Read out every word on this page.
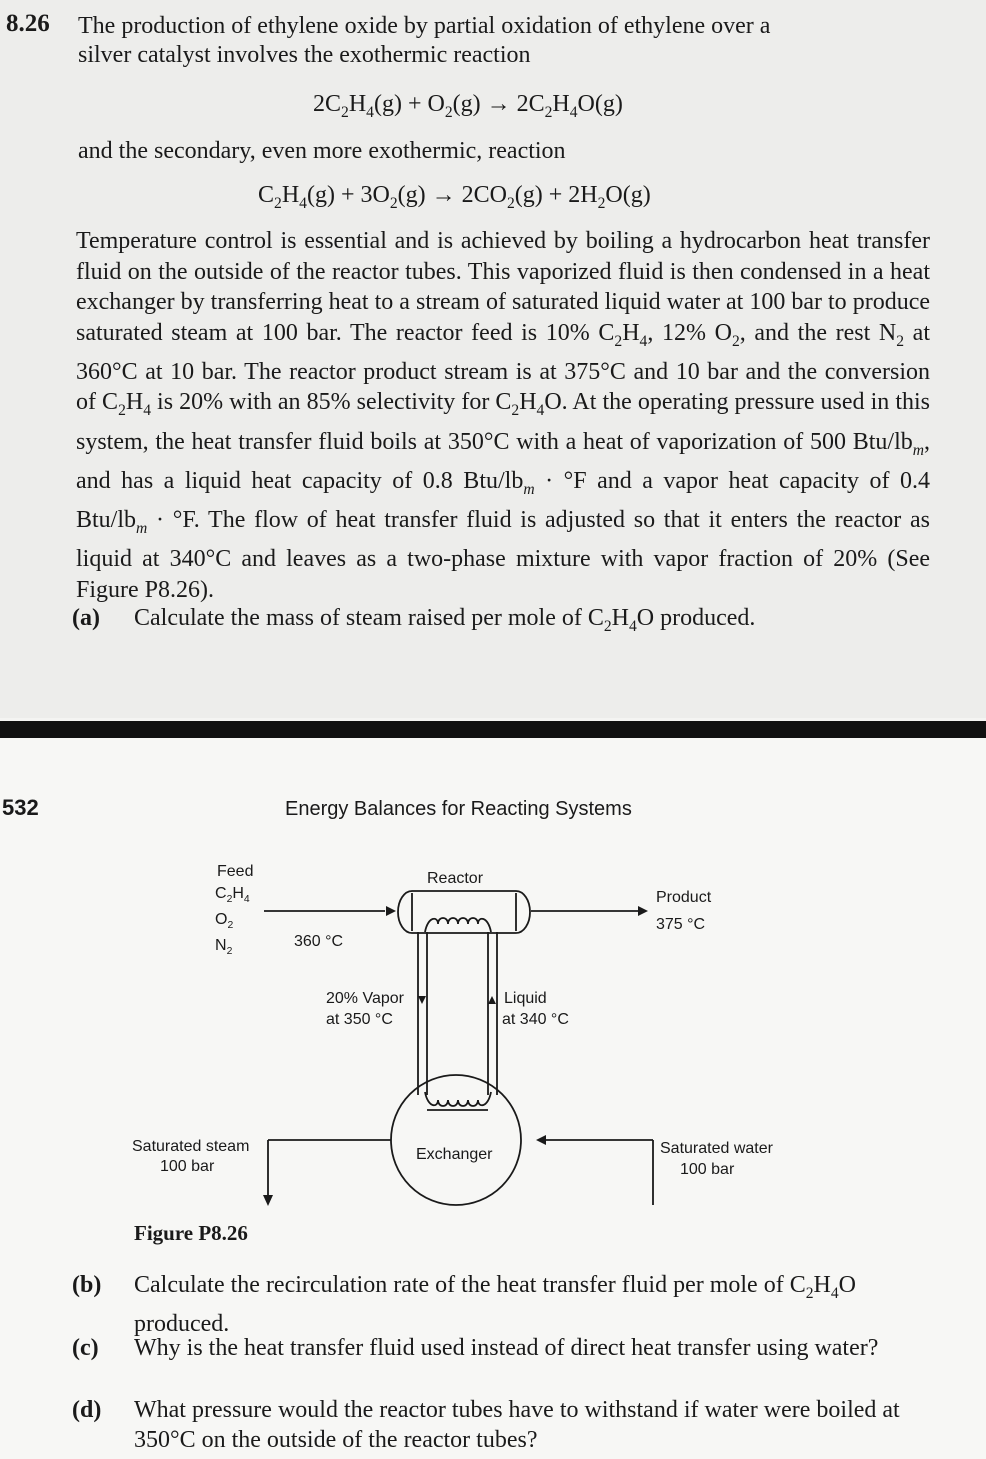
8.26 The production of ethylene oxide by partial oxidation of ethylene over a
silver catalyst involves the exothermic reaction
$2C_2H_4(g) + O_2(g) \to 2C_2H_4O(g)$
and the secondary, even more exothermic, reaction
$C_2H_4(g) + 3O_2(g) \to 2CO_2(g) + 2H_2O(g)$
Temperature control is essential and is achieved by boiling a hydrocarbon heat transfer fluid on the outside of the reactor tubes. This vaporized fluid is then condensed in a heat exchanger by transferring heat to a stream of saturated liquid water at 100 bar to produce saturated steam at 100 bar. The reactor feed is 10% $C_2H_4$, 12% $O_2$, and the rest $N_2$ at 360°C at 10 bar. The reactor product stream is at 375°C and 10 bar and the conversion of $C_2H_4$ is 20% with an 85% selectivity for $C_2H_4O$. At the operating pressure used in this system, the heat transfer fluid boils at 350°C with a heat of vaporization of 500 Btu/$lb_m$, and has a liquid heat capacity of 0.8 Btu/$lb_m \cdot ^\circ F$ and a vapor heat capacity of 0.4 Btu/$lb_m \cdot ^\circ F$. The flow of heat transfer fluid is adjusted so that it enters the reactor as liquid at 340°C and leaves as a two-phase mixture with vapor fraction of 20% (See Figure P8.26).
(a) Calculate the mass of steam raised per mole of $C_2H_4O$ produced.
532	Energy Balances for Reacting Systems
Feed
$C_2H_4$
$O_2$
$N_2$
360 °C
Reactor
Product
375 °C
20% Vapor
at 350 °C
Liquid
at 340 °C
Exchanger
Saturated steam
100 bar
Saturated water
100 bar
Figure P8.26
(b) Calculate the recirculation rate of the heat transfer fluid per mole of $C_2H_4O$ produced.
(c) Why is the heat transfer fluid used instead of direct heat transfer using water?
(d) What pressure would the reactor tubes have to withstand if water were boiled at 350°C on the outside of the reactor tubes?
